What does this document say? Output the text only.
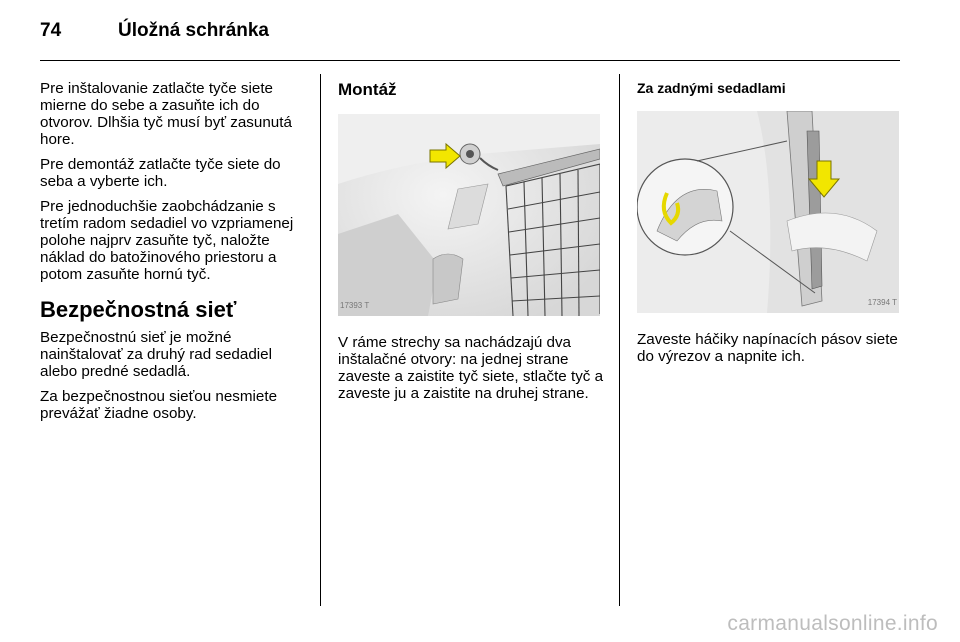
74	Úložná schránka

Pre inštalovanie zatlačte tyče siete mierne do sebe a zasuňte ich do otvorov. Dlhšia tyč musí byť zasunutá hore.

Pre demontáž zatlačte tyče siete do seba a vyberte ich.

Pre jednoduchšie zaobchádzanie s tretím radom sedadiel vo vzpriamenej polohe najprv zasuňte tyč, naložte náklad do batožinového priestoru a potom zasuňte hornú tyč.

Bezpečnostná sieť

Bezpečnostnú sieť je možné nainštalovať za druhý rad sedadiel alebo predné sedadlá.

Za bezpečnostnou sieťou nesmiete prevážať žiadne osoby.

Montáž
17393 T

V ráme strechy sa nachádzajú dva inštalačné otvory: na jednej strane zaveste a zaistite tyč siete, stlačte tyč a zaveste ju a zaistite na druhej strane.

Za zadnými sedadlami
17394 T

Zaveste háčiky napínacích pásov siete do výrezov a napnite ich.

carmanualsonline.info
